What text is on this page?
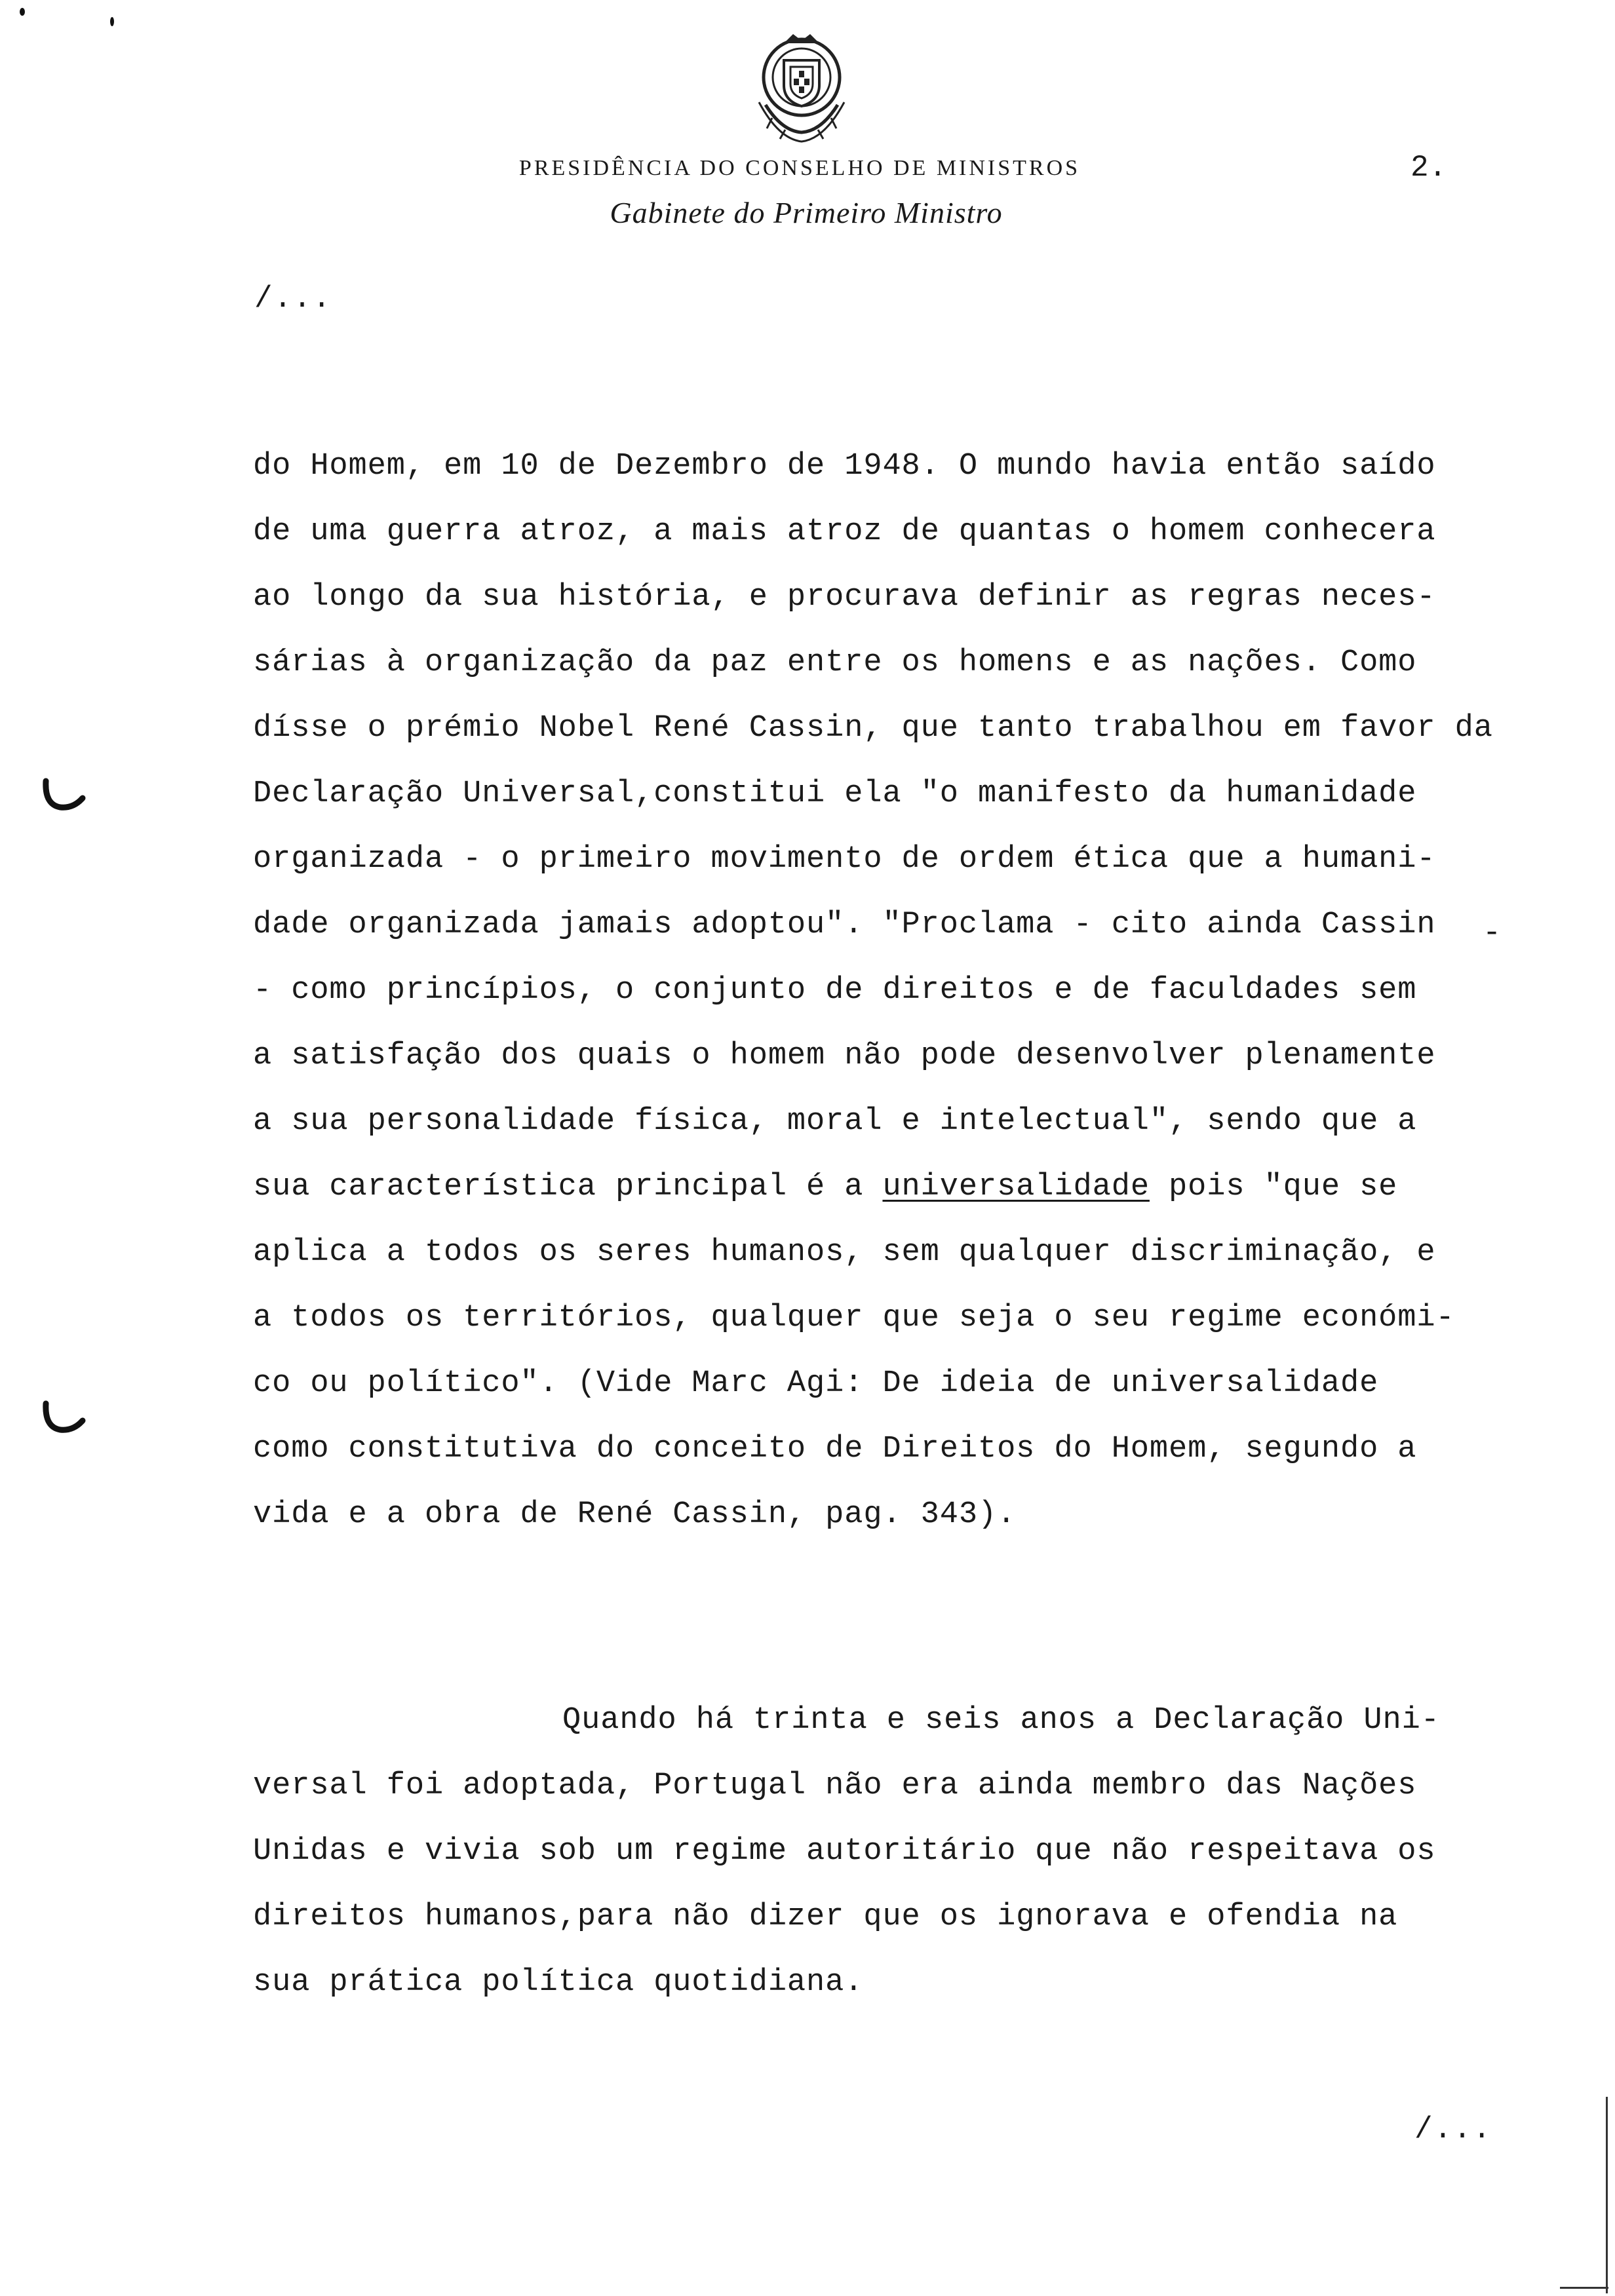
PRESIDÊNCIA DO CONSELHO DE MINISTROS	2.
Gabinete do Primeiro Ministro
/...
do Homem, em 10 de Dezembro de 1948. O mundo havia então saído
de uma guerra atroz, a mais atroz de quantas o homem conhecera
ao longo da sua história, e procurava definir as regras neces-
sárias à organização da paz entre os homens e as nações. Como
dísse o prémio Nobel René Cassin, que tanto trabalhou em favor da
Declaração Universal,constitui ela "o manifesto da humanidade
organizada - o primeiro movimento de ordem ética que a humani-
dade organizada jamais adoptou". "Proclama - cito ainda Cassin
- como princípios, o conjunto de direitos e de faculdades sem
a satisfação dos quais o homem não pode desenvolver plenamente
a sua personalidade física, moral e intelectual", sendo que a
sua característica principal é a universalidade pois "que se
aplica a todos os seres humanos, sem qualquer discriminação, e
a todos os territórios, qualquer que seja o seu regime económi-
co ou político". (Vide Marc Agi: De ideia de universalidade
como constitutiva do conceito de Direitos do Homem, segundo a
vida e a obra de René Cassin, pag. 343).
-
Quando há trinta e seis anos a Declaração Uni-
versal foi adoptada, Portugal não era ainda membro das Nações
Unidas e vivia sob um regime autoritário que não respeitava os
direitos humanos,para não dizer que os ignorava e ofendia na
sua prática política quotidiana.
/...
